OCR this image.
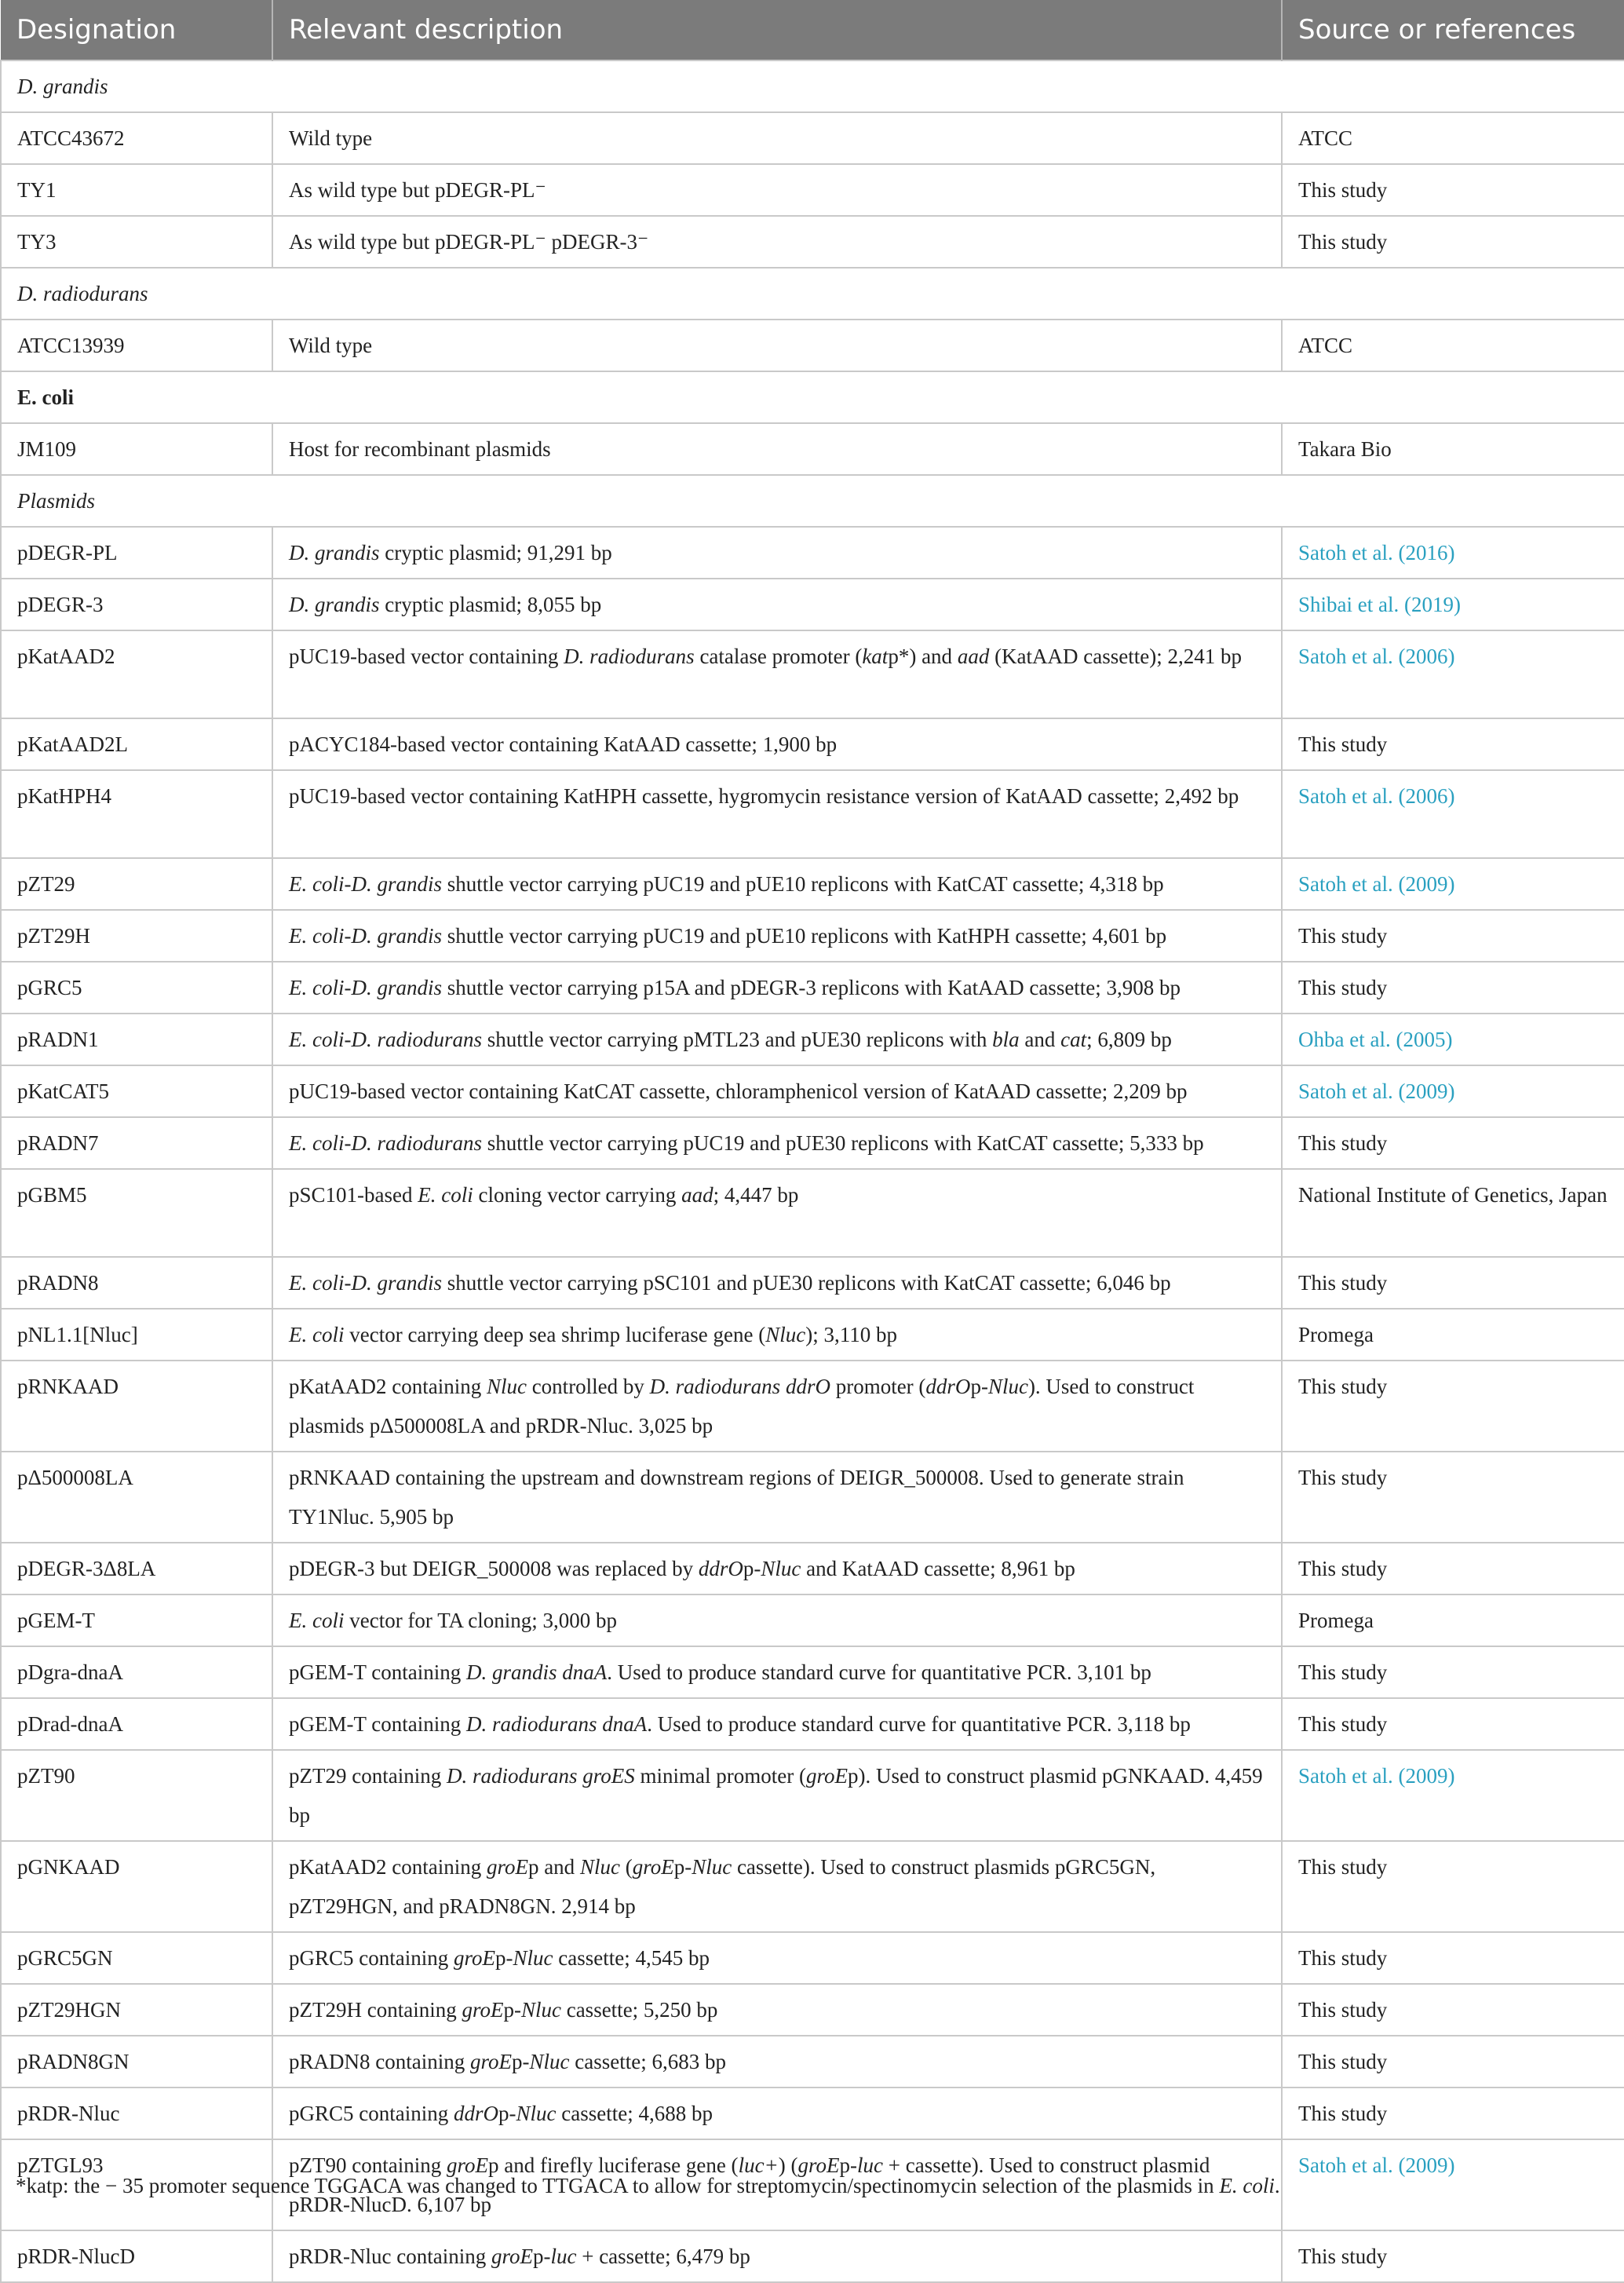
Designation	Relevant description	Source or references
D. grandis		
ATCC43672	Wild type	ATCC
TY1	As wild type but pDEGR-PL⁻	This study
TY3	As wild type but pDEGR-PL⁻ pDEGR-3⁻	This study
D. radiodurans		
ATCC13939	Wild type	ATCC
E. coli		
JM109	Host for recombinant plasmids	Takara Bio
Plasmids		
pDEGR-PL	D. grandis cryptic plasmid; 91,291 bp	Satoh et al. (2016)
pDEGR-3	D. grandis cryptic plasmid; 8,055 bp	Shibai et al. (2019)
pKatAAD2	pUC19-based vector containing D. radiodurans catalase promoter (katp*) and aad (KatAAD cassette); 2,241 bp	Satoh et al. (2006)
pKatAAD2L	pACYC184-based vector containing KatAAD cassette; 1,900 bp	This study
pKatHPH4	pUC19-based vector containing KatHPH cassette, hygromycin resistance version of KatAAD cassette; 2,492 bp	Satoh et al. (2006)
pZT29	E. coli-D. grandis shuttle vector carrying pUC19 and pUE10 replicons with KatCAT cassette; 4,318 bp	Satoh et al. (2009)
pZT29H	E. coli-D. grandis shuttle vector carrying pUC19 and pUE10 replicons with KatHPH cassette; 4,601 bp	This study
pGRC5	E. coli-D. grandis shuttle vector carrying p15A and pDEGR-3 replicons with KatAAD cassette; 3,908 bp	This study
pRADN1	E. coli-D. radiodurans shuttle vector carrying pMTL23 and pUE30 replicons with bla and cat; 6,809 bp	Ohba et al. (2005)
pKatCAT5	pUC19-based vector containing KatCAT cassette, chloramphenicol version of KatAAD cassette; 2,209 bp	Satoh et al. (2009)
pRADN7	E. coli-D. radiodurans shuttle vector carrying pUC19 and pUE30 replicons with KatCAT cassette; 5,333 bp	This study
pGBM5	pSC101-based E. coli cloning vector carrying aad; 4,447 bp	National Institute of Genetics, Japan
pRADN8	E. coli-D. grandis shuttle vector carrying pSC101 and pUE30 replicons with KatCAT cassette; 6,046 bp	This study
pNL1.1[Nluc]	E. coli vector carrying deep sea shrimp luciferase gene (Nluc); 3,110 bp	Promega
pRNKAAD	pKatAAD2 containing Nluc controlled by D. radiodurans ddrO promoter (ddrOp-Nluc). Used to construct plasmids pΔ500008LA and pRDR-Nluc. 3,025 bp	This study
pΔ500008LA	pRNKAAD containing the upstream and downstream regions of DEIGR_500008. Used to generate strain TY1Nluc. 5,905 bp	This study
pDEGR-3Δ8LA	pDEGR-3 but DEIGR_500008 was replaced by ddrOp-Nluc and KatAAD cassette; 8,961 bp	This study
pGEM-T	E. coli vector for TA cloning; 3,000 bp	Promega
pDgra-dnaA	pGEM-T containing D. grandis dnaA. Used to produce standard curve for quantitative PCR. 3,101 bp	This study
pDrad-dnaA	pGEM-T containing D. radiodurans dnaA. Used to produce standard curve for quantitative PCR. 3,118 bp	This study
pZT90	pZT29 containing D. radiodurans groES minimal promoter (groEp). Used to construct plasmid pGNKAAD. 4,459 bp	Satoh et al. (2009)
pGNKAAD	pKatAAD2 containing groEp and Nluc (groEp-Nluc cassette). Used to construct plasmids pGRC5GN, pZT29HGN, and pRADN8GN. 2,914 bp	This study
pGRC5GN	pGRC5 containing groEp-Nluc cassette; 4,545 bp	This study
pZT29HGN	pZT29H containing groEp-Nluc cassette; 5,250 bp	This study
pRADN8GN	pRADN8 containing groEp-Nluc cassette; 6,683 bp	This study
pRDR-Nluc	pGRC5 containing ddrOp-Nluc cassette; 4,688 bp	This study
pZTGL93	pZT90 containing groEp and firefly luciferase gene (luc+) (groEp-luc + cassette). Used to construct plasmid pRDR-NlucD. 6,107 bp	Satoh et al. (2009)
pRDR-NlucD	pRDR-Nluc containing groEp-luc + cassette; 6,479 bp	This study
*katp: the − 35 promoter sequence TGGACA was changed to TTGACA to allow for streptomycin/spectinomycin selection of the plasmids in E. coli.
